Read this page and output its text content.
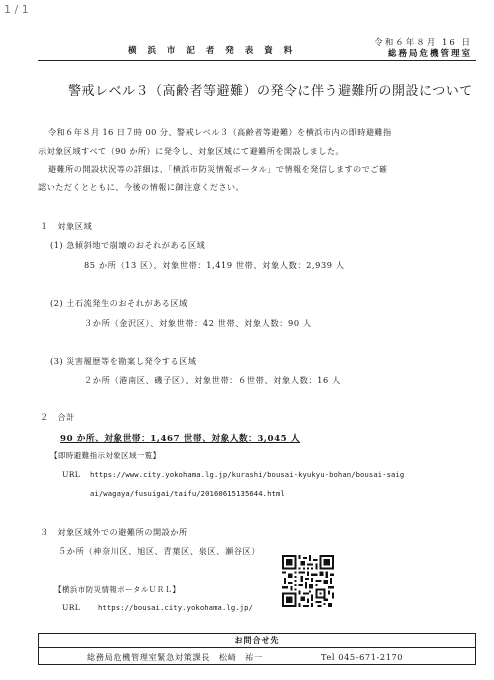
1 / 1
横 浜 市 記 者 発 表 資 料
令和６年８月 16 日
総務局危機管理室
警戒レベル３（高齢者等避難）の発令に伴う避難所の開設について
令和６年８月 16 日７時 00 分、警戒レベル３（高齢者等避難）を横浜市内の即時避難指
示対象区域すべて（90 か所）に発令し、対象区域にて避難所を開設しました。
避難所の開設状況等の詳細は、「横浜市防災情報ポータル」で情報を発信しますのでご確
認いただくとともに、今後の情報に御注意ください。
１　対象区域
(1) 急傾斜地で崩壊のおそれがある区域
85 か所（13 区）、対象世帯：1,419 世帯、対象人数：2,939 人
(2) 土石流発生のおそれがある区域
３か所（金沢区）、対象世帯：42 世帯、対象人数：90 人
(3) 災害履歴等を勘案し発令する区域
２か所（港南区、磯子区）、対象世帯：６世帯、対象人数：16 人
２　合計
90 か所、対象世帯：1,467 世帯、対象人数：3,045 人
【即時避難指示対象区域一覧】
URL https://www.city.yokohama.lg.jp/kurashi/bousai-kyukyu-bohan/bousai-saig
ai/wagaya/fusuigai/taifu/20160615135644.html
３　対象区域外での避難所の開設か所
５か所（神奈川区、旭区、青葉区、泉区、瀬谷区）
【横浜市防災情報ポータルＵＲＬ】
URL https://bousai.city.yokohama.lg.jp/
お問合せ先
総務局危機管理室緊急対策課長　松﨑　祐一	Tel 045-671-2170
